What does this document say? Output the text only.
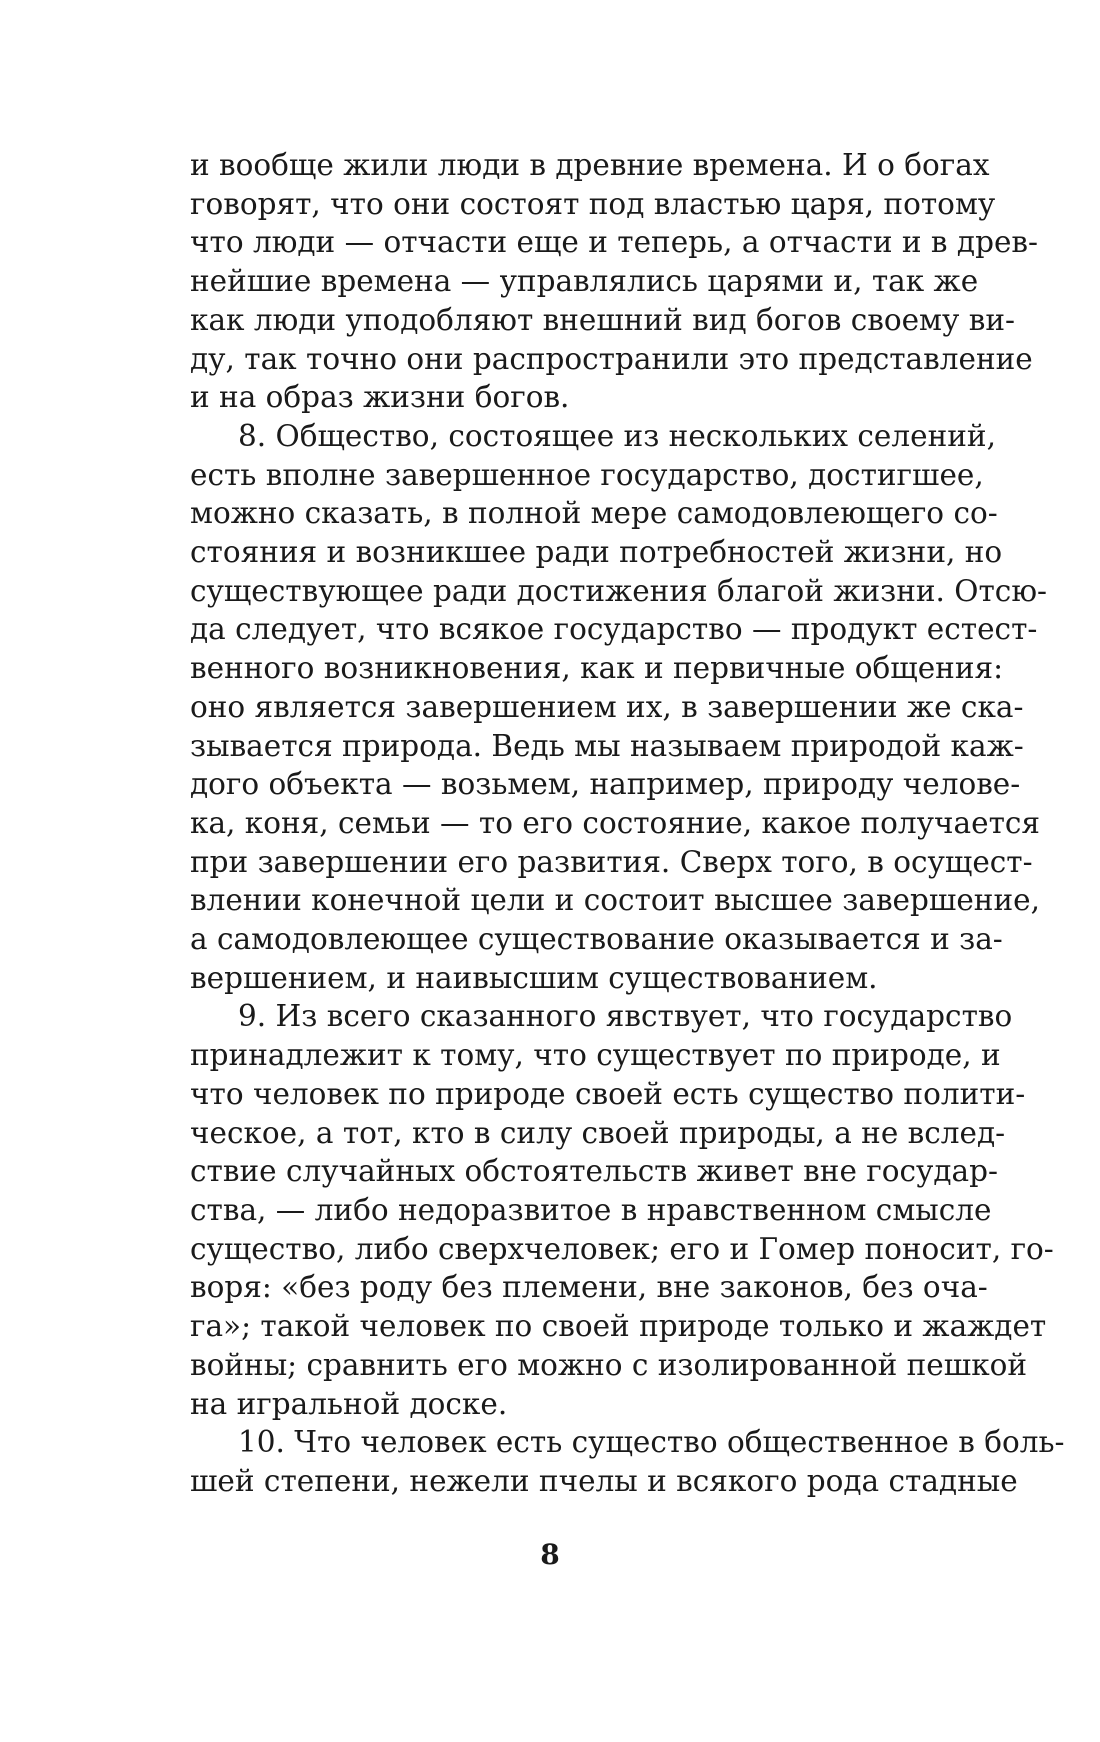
и вообще жили люди в древние времена. И о богах
говорят, что они состоят под властью царя, потому
что люди — отчасти еще и теперь, а отчасти и в древ-
нейшие времена — управлялись царями и, так же
как люди уподобляют внешний вид богов своему ви-
ду, так точно они распространили это представление
и на образ жизни богов.
8. Общество, состоящее из нескольких селений,
есть вполне завершенное государство, достигшее,
можно сказать, в полной мере самодовлеющего со-
стояния и возникшее ради потребностей жизни, но
существующее ради достижения благой жизни. Отсю-
да следует, что всякое государство — продукт естест-
венного возникновения, как и первичные общения:
оно является завершением их, в завершении же ска-
зывается природа. Ведь мы называем природой каж-
дого объекта — возьмем, например, природу челове-
ка, коня, семьи — то его состояние, какое получается
при завершении его развития. Сверх того, в осущест-
влении конечной цели и состоит высшее завершение,
а самодовлеющее существование оказывается и за-
вершением, и наивысшим существованием.
9. Из всего сказанного явствует, что государство
принадлежит к тому, что существует по природе, и
что человек по природе своей есть существо полити-
ческое, а тот, кто в силу своей природы, а не вслед-
ствие случайных обстоятельств живет вне государ-
ства, — либо недоразвитое в нравственном смысле
существо, либо сверхчеловек; его и Гомер поносит, го-
воря: «без роду без племени, вне законов, без оча-
га»; такой человек по своей природе только и жаждет
войны; сравнить его можно с изолированной пешкой
на игральной доске.
10. Что человек есть существо общественное в боль-
шей степени, нежели пчелы и всякого рода стадные
8
